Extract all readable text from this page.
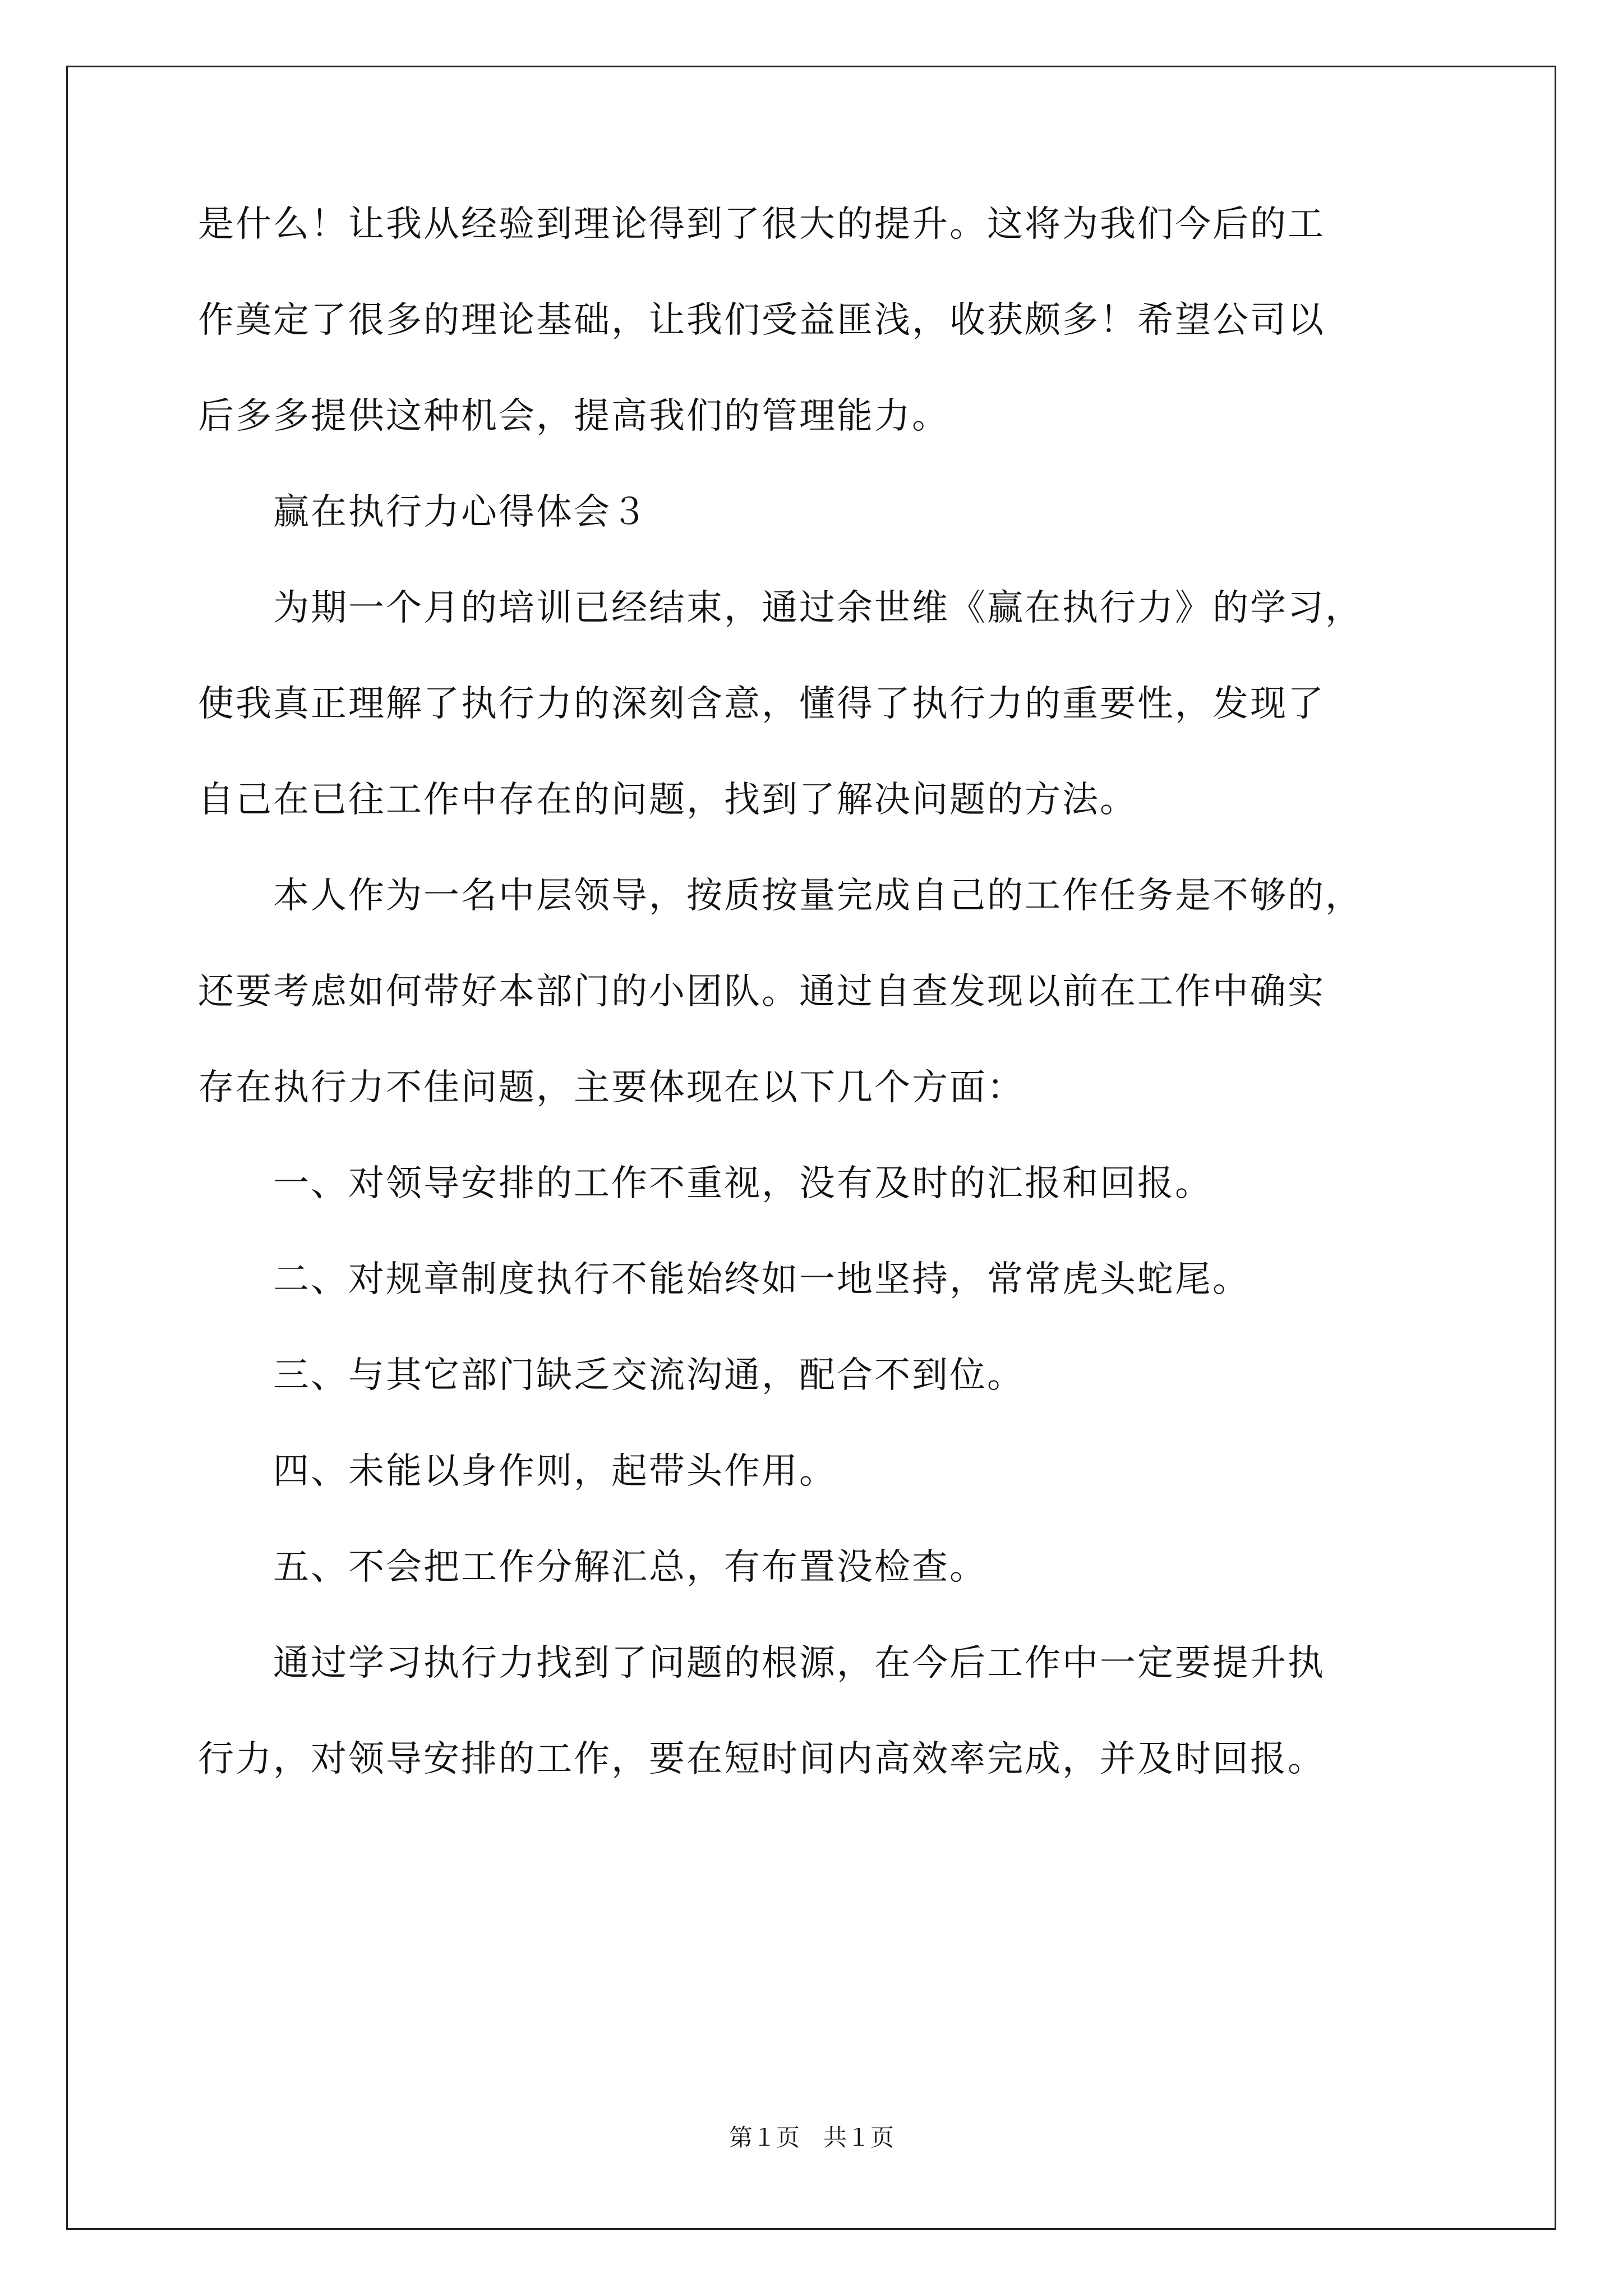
是什么！让我从经验到理论得到了很大的提升。这将为我们今后的工
作奠定了很多的理论基础，让我们受益匪浅，收获颇多！希望公司以
后多多提供这种机会，提高我们的管理能力。
　　赢在执行力心得体会３
　　为期一个月的培训已经结束，通过余世维《赢在执行力》的学习，
使我真正理解了执行力的深刻含意，懂得了执行力的重要性，发现了
自己在已往工作中存在的问题，找到了解决问题的方法。
　　本人作为一名中层领导，按质按量完成自己的工作任务是不够的，
还要考虑如何带好本部门的小团队。通过自查发现以前在工作中确实
存在执行力不佳问题，主要体现在以下几个方面：
　　一、对领导安排的工作不重视，没有及时的汇报和回报。
　　二、对规章制度执行不能始终如一地坚持，常常虎头蛇尾。
　　三、与其它部门缺乏交流沟通，配合不到位。
　　四、未能以身作则，起带头作用。
　　五、不会把工作分解汇总，有布置没检查。
　　通过学习执行力找到了问题的根源，在今后工作中一定要提升执
行力，对领导安排的工作，要在短时间内高效率完成，并及时回报。
第１页　共１页
